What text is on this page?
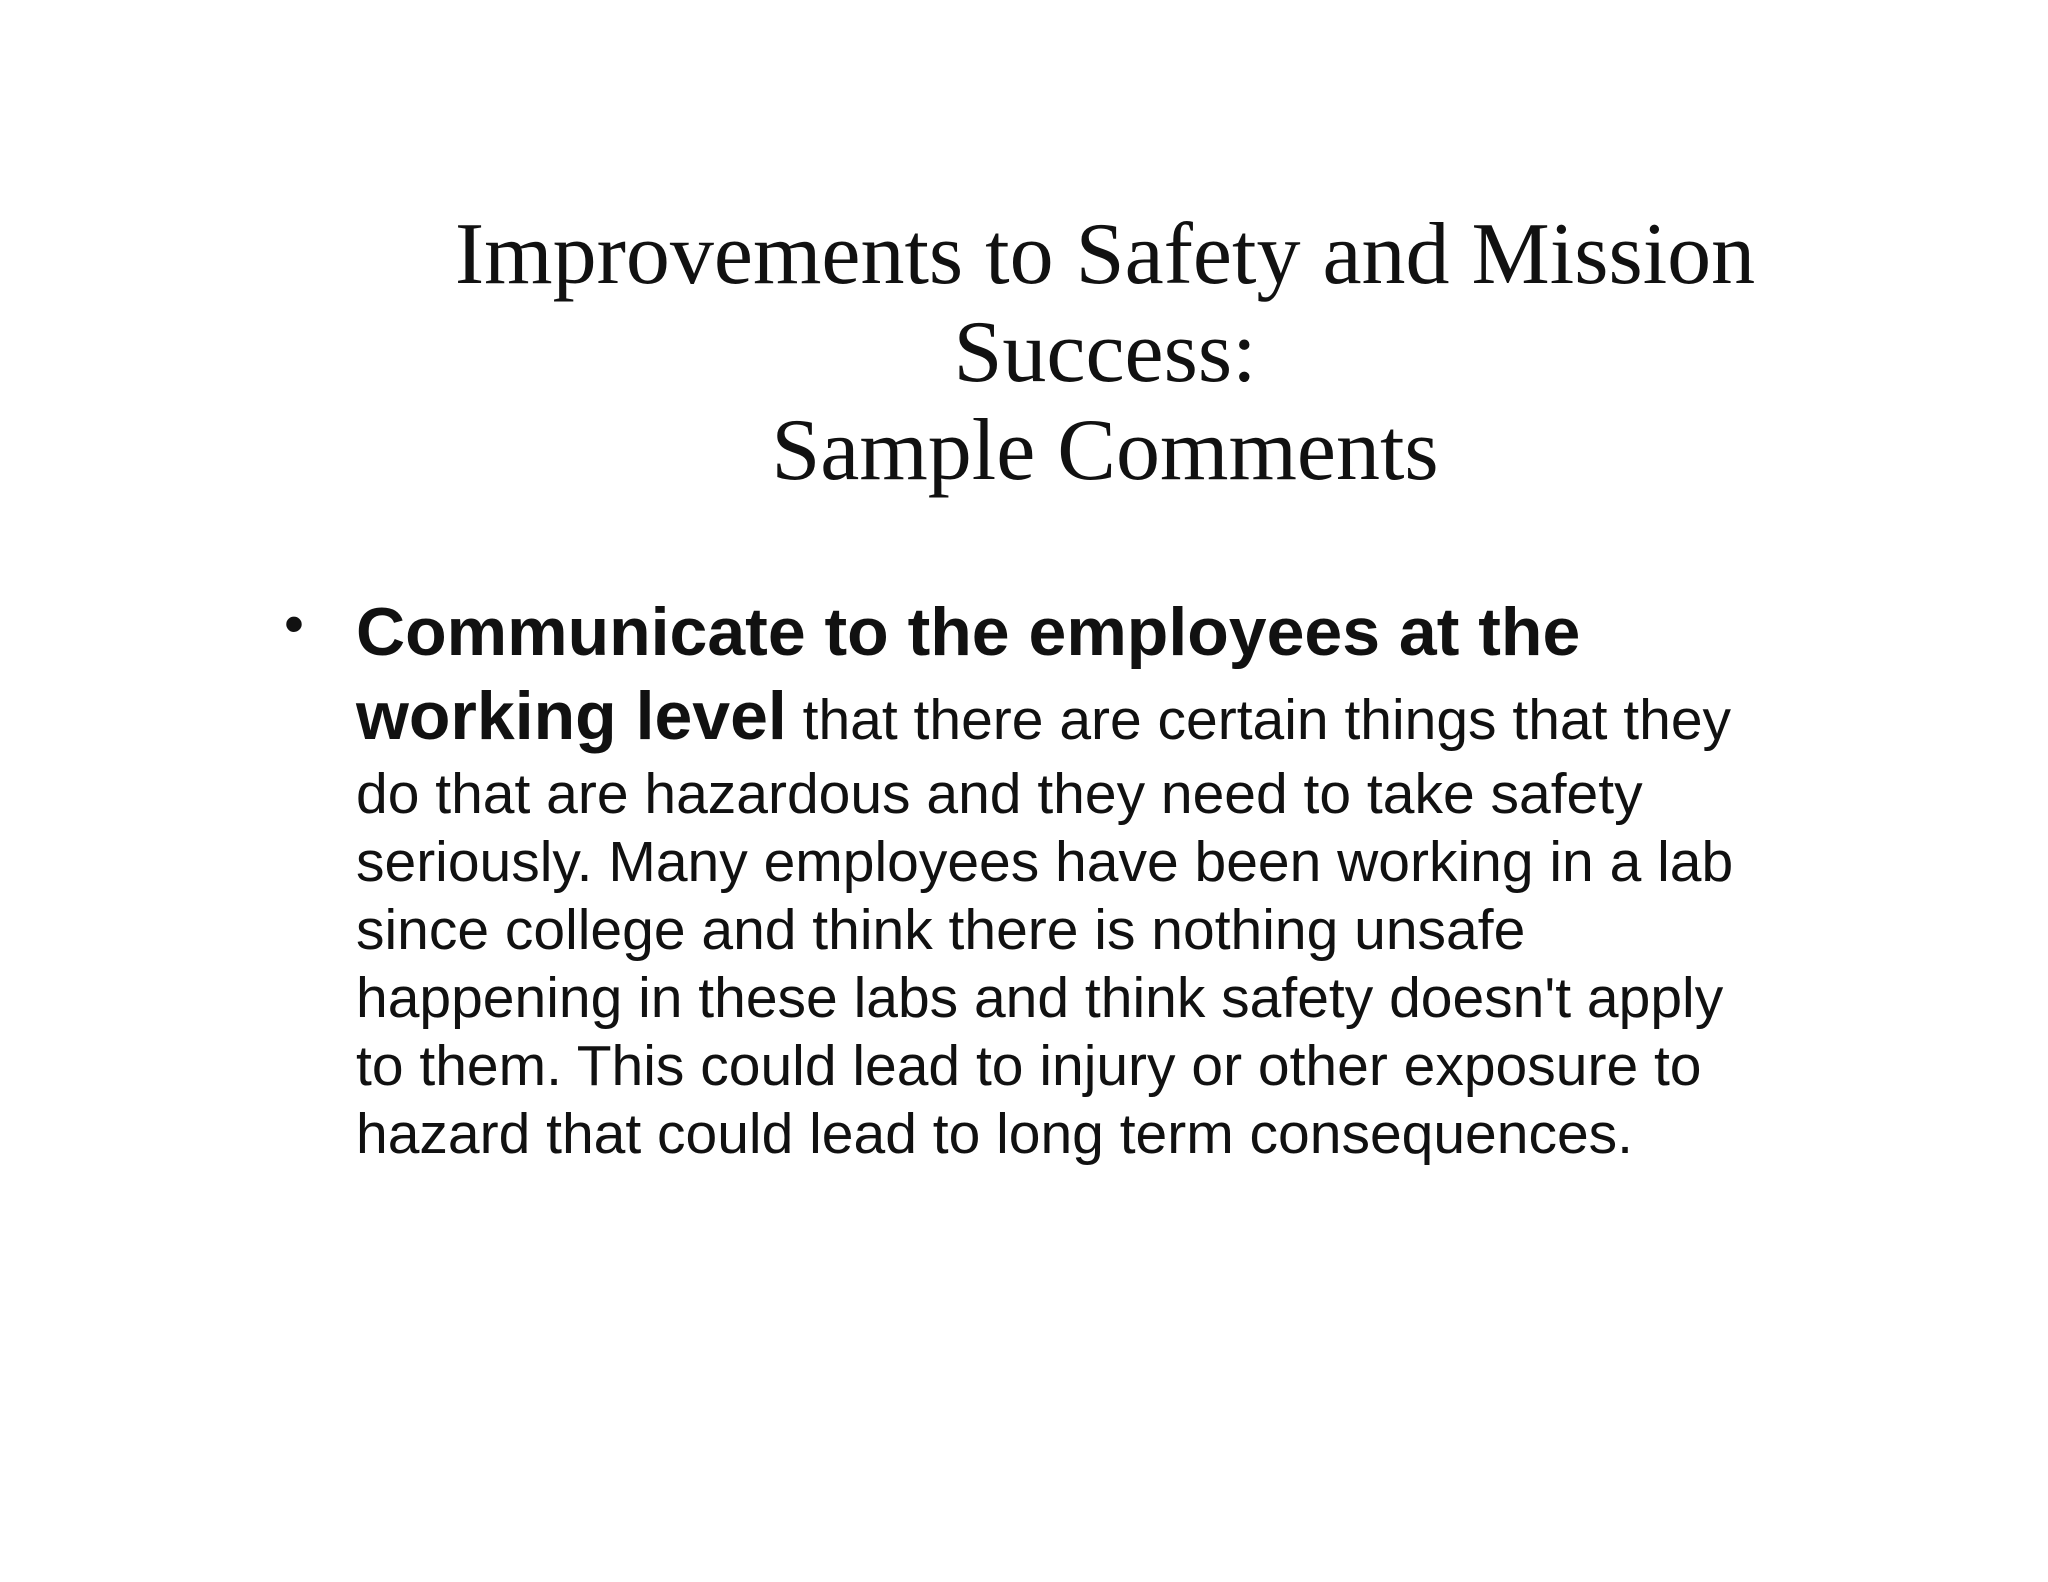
Improvements to Safety and Mission
Success:
Sample Comments
• Communicate to the employees at the
working level that there are certain things that they
do that are hazardous and they need to take safety
seriously. Many employees have been working in a lab
since college and think there is nothing unsafe
happening in these labs and think safety doesn't apply
to them. This could lead to injury or other exposure to
hazard that could lead to long term consequences.
